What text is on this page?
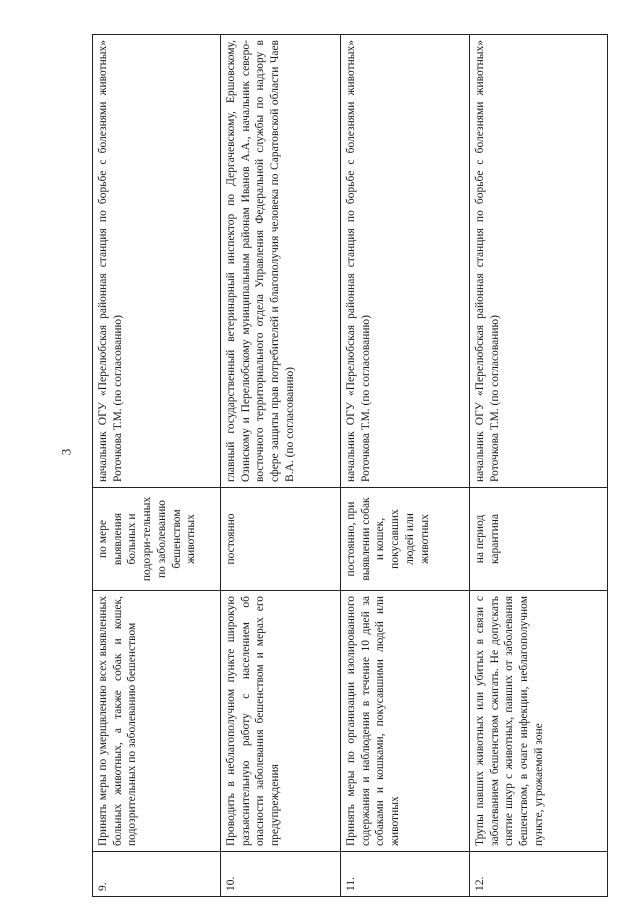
3
9.	Принять меры по умерщвлению всех выявленных больных животных, а также собак и кошек, подозрительных по заболеванию бешенством	по мере выявления больных и подозри-тельных по заболеванию бешенством животных	начальник ОГУ «Перелюбская районная станция по борьбе с болезнями животных» Роточкова Т.М. (по согласованию)
10.	Проводить в неблагополучном пункте широкую разъяснительную работу с населением об опасности заболевания бешенством и мерах его предупреждения	постоянно	главный государственный ветеринарный инспектор по Дергачевскому, Ершовскому, Озинскому и Перелюбскому муниципальным районам Иванов А.А., начальник северо-восточного территориального отдела Управления Федеральной службы по надзору в сфере защиты прав потребителей и благополучия человека по Саратовской области Чаев В.А. (по согласованию)
11.	Принять меры по организации изолированного содержания и наблюдения в течение 10 дней за собаками и кошками, покусавшими людей или животных	постоянно, при выявлении собак и кошек, покусавших людей или животных	начальник ОГУ «Перелюбская районная станция по борьбе с болезнями животных» Роточкова Т.М. (по согласованию)
12.	Трупы павших животных или убитых в связи с заболеванием бешенством сжигать. Не допускать снятие шкур с животных, павших от заболевания бешенством, в очаге инфекции, неблагополучном пункте, угрожаемой зоне	на период карантина	начальник ОГУ «Перелюбская районная станция по борьбе с болезнями животных» Роточкова Т.М. (по согласованию)
